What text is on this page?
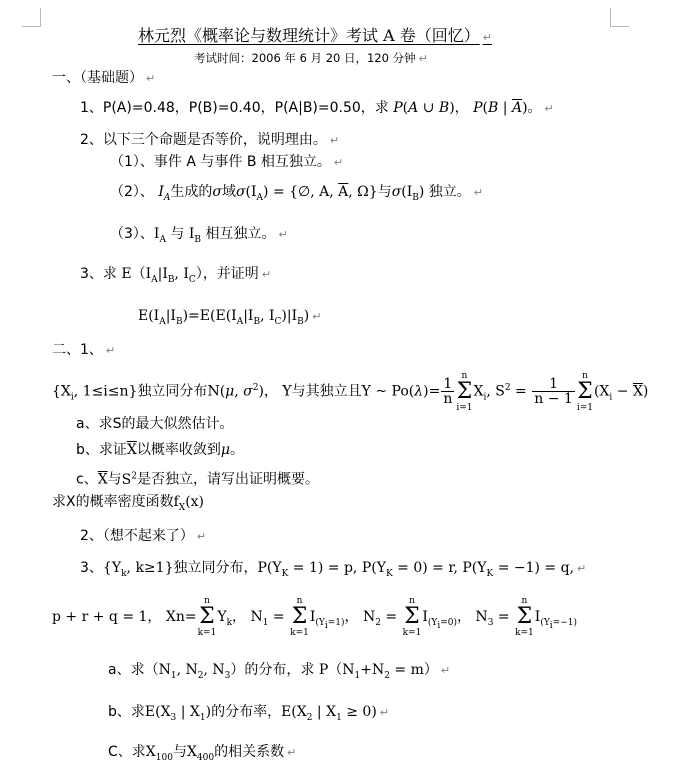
林元烈《概率论与数理统计》考试 A 卷（回忆） ↵
考试时间：2006 年 6 月 20 日，120 分钟 ↵
一、（基础题） ↵
1、P(A)=0.48，P(B)=0.40，P(A|B)=0.50，求 P(A ∪ B)， P(B | $\overline{A}$)。 ↵
2、以下三个命题是否等价，说明理由。 ↵
（1）、事件 A 与事件 B 相互独立。 ↵
（2）、 $I_A$生成的σ域$\sigma(I_A)$ = {∅, A, $\overline{A}$, Ω}与$\sigma(I_B)$ 独立。 ↵
（3）、$I_A$ 与 $I_B$ 相互独立。 ↵
3、求 $E(I_A|I_B$, $I_C$），并证明 ↵
$E(I_A|I_B)=E(E(I_A|I_B$, $I_C)|I_B$) ↵
二、1、 ↵
{$X_i$, 1≤i≤n}独立同分布N(μ, $\sigma^2$)， Y与其独立且Y ~ $Po(\lambda)= \frac{1}{n}$
n
Σ
i=1
$X_i$, $S^2 = \frac{1}{n - 1}$
n
Σ
i=1
$(X_i - \overline{X})$
a、求S的最大似然估计。
b、求证$\overline{X}$以概率收敛到μ。
c、$\overline{X}$与$S^2$是否独立，请写出证明概要。
求X的概率密度函数$f_X(x)$
2、（想不起来了） ↵
3、{$Y_k$, k≥1}独立同分布，$P(Y_K = 1) = p$, $P(Y_K = 0) = r$, $P(Y_K = -1) = q$, ↵
p + r + q = 1， Xn=
n
Σ
k=1
$Y_k$， $N_1$ =
n
Σ
k=1
$I_{(Y_i=1)}$， $N_2$ =
n
Σ
k=1
$I_{(Y_i=0)}$， $N_3$ =
n
Σ
k=1
$I_{(Y_i=-1)}$
a、求（$N_1$, $N_2$, $N_3$）的分布，求 $P(N_1+N_2 = m)$ ↵
b、求$E(X_3$ | $X_1$)的分布率，$E(X_2$ | $X_1 \ge 0$) ↵
C、求$X_{100}$与$X_{400}$的相关系数 ↵
